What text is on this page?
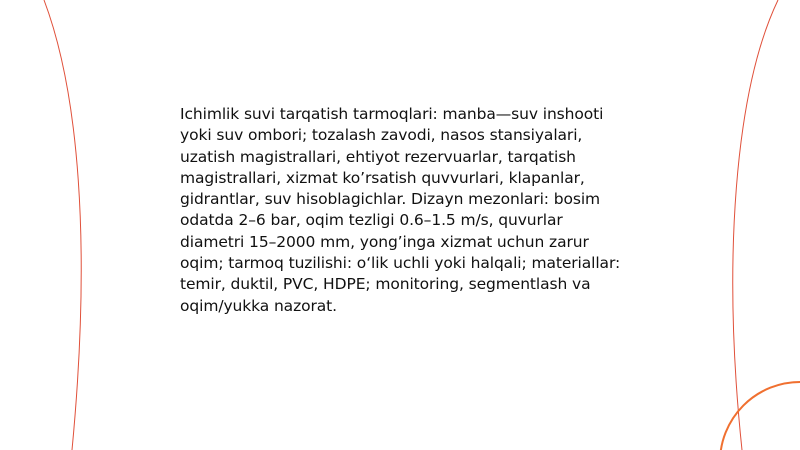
Ichimlik suvi tarqatish tarmoqlari: manba—suv inshooti yoki suv ombori; tozalash zavodi, nasos stansiyalari, uzatish magistrallari, ehtiyot rezervuarlar, tarqatish magistrallari, xizmat ko’rsatish quvvurlari, klapanlar, gidrantlar, suv hisoblagichlar. Dizayn mezonlari: bosim odatda 2–6 bar, oqim tezligi 0.6–1.5 m/s, quvurlar diametri 15–2000 mm, yong’inga xizmat uchun zarur oqim; tarmoq tuzilishi: o‘lik uchli yoki halqali; materiallar: temir, duktil, PVC, HDPE; monitoring, segmentlash va oqim/yukka nazorat.
